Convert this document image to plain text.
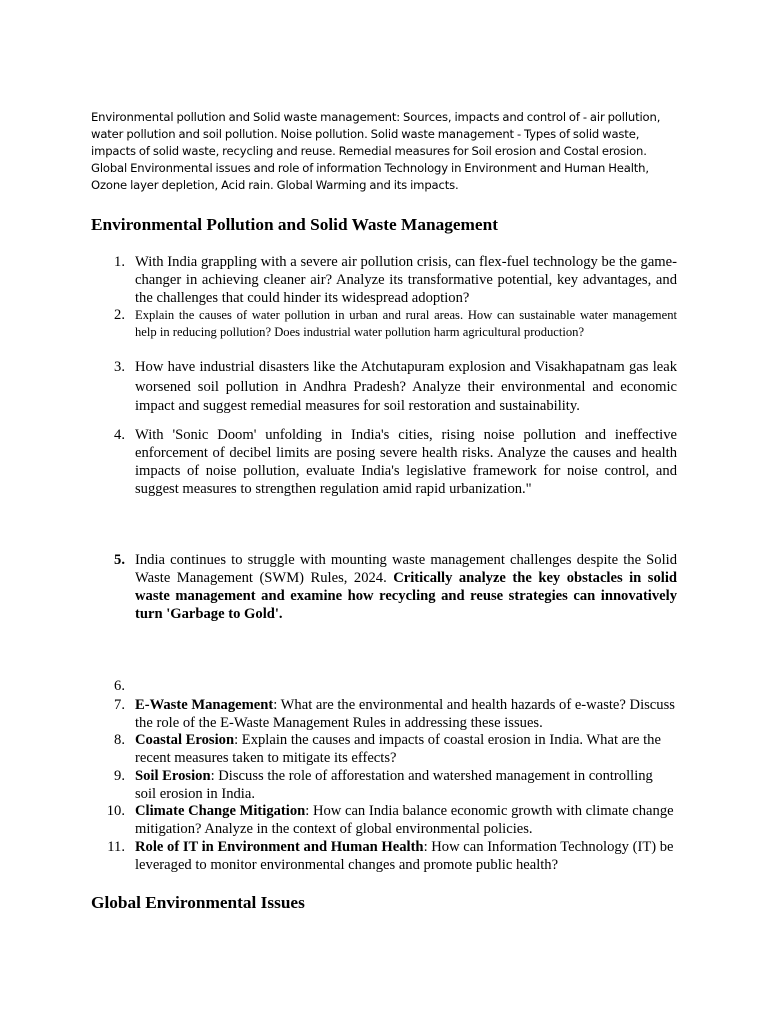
Environmental pollution and Solid waste management: Sources, impacts and control of - air pollution, water pollution and soil pollution. Noise pollution. Solid waste management - Types of solid waste, impacts of solid waste, recycling and reuse. Remedial measures for Soil erosion and Costal erosion. Global Environmental issues and role of information Technology in Environment and Human Health, Ozone layer depletion, Acid rain. Global Warming and its impacts.

Environmental Pollution and Solid Waste Management
1. With India grappling with a severe air pollution crisis, can flex-fuel technology be the game-changer in achieving cleaner air? Analyze its transformative potential, key advantages, and the challenges that could hinder its widespread adoption?
2. Explain the causes of water pollution in urban and rural areas. How can sustainable water management help in reducing pollution? Does industrial water pollution harm agricultural production?
3. How have industrial disasters like the Atchutapuram explosion and Visakhapatnam gas leak worsened soil pollution in Andhra Pradesh? Analyze their environmental and economic impact and suggest remedial measures for soil restoration and sustainability.
4. With 'Sonic Doom' unfolding in India's cities, rising noise pollution and ineffective enforcement of decibel limits are posing severe health risks. Analyze the causes and health impacts of noise pollution, evaluate India's legislative framework for noise control, and suggest measures to strengthen regulation amid rapid urbanization."
5. India continues to struggle with mounting waste management challenges despite the Solid Waste Management (SWM) Rules, 2024. Critically analyze the key obstacles in solid waste management and examine how recycling and reuse strategies can innovatively turn 'Garbage to Gold'.
6.
7. E-Waste Management: What are the environmental and health hazards of e-waste? Discuss the role of the E-Waste Management Rules in addressing these issues.
8. Coastal Erosion: Explain the causes and impacts of coastal erosion in India. What are the recent measures taken to mitigate its effects?
9. Soil Erosion: Discuss the role of afforestation and watershed management in controlling soil erosion in India.
10. Climate Change Mitigation: How can India balance economic growth with climate change mitigation? Analyze in the context of global environmental policies.
11. Role of IT in Environment and Human Health: How can Information Technology (IT) be leveraged to monitor environmental changes and promote public health?
Global Environmental Issues
